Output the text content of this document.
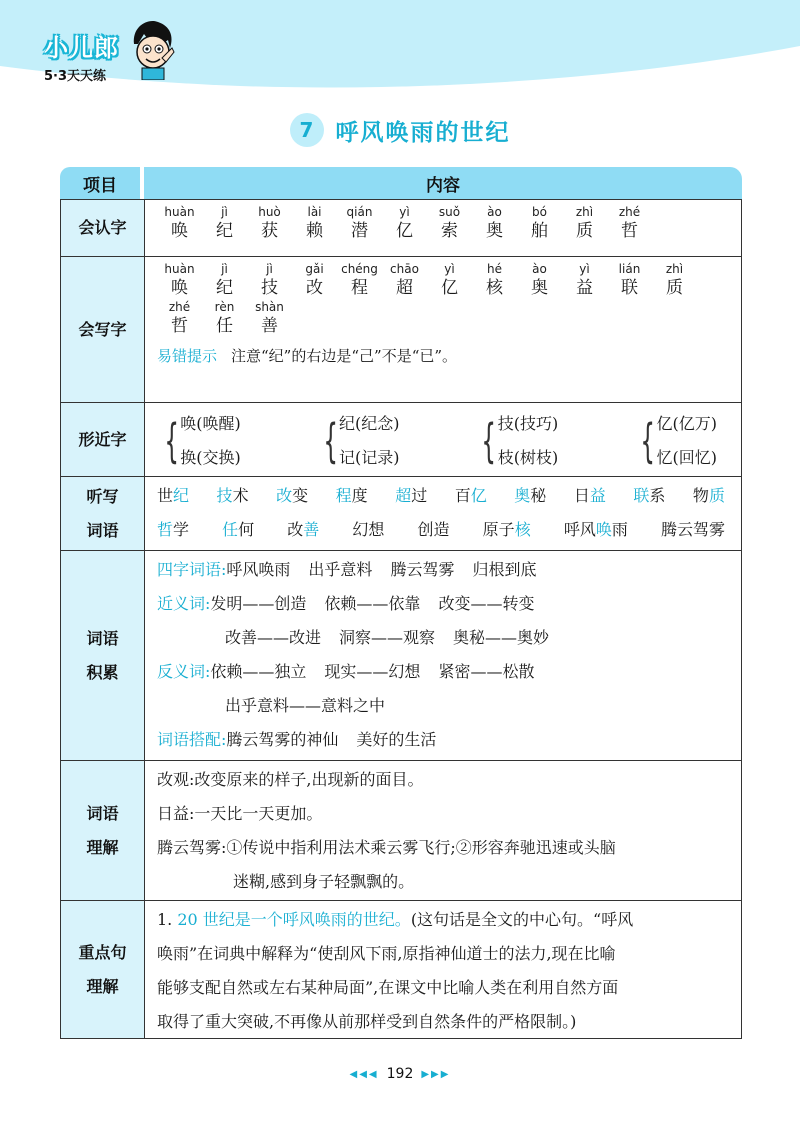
小儿郎
5·3天天练
7 呼风唤雨的世纪
项目	内容
会认字
huàn
唤
jì
纪
huò
获
lài
赖
qián
潜
yì
亿
suǒ
索
ào
奥
bó
舶
zhì
质
zhé
哲
会写字
huàn
唤
jì
纪
jì
技
gǎi
改
chéng
程
chāo
超
yì
亿
hé
核
ào
奥
yì
益
lián
联
zhì
质
zhé
哲
rèn
任
shàn
善
易错提示 注意“纪”的右边是“己”不是“已”。
形近字 { 唤(唤醒)
换(交换) { 纪(纪念)
记(记录) { 技(技巧)
枝(树枝) { 亿(亿万)
忆(回忆)
听写
词语
世纪 技术 改变 程度 超过 百亿 奥秘 日益 联系 物质
哲学 任何 改善 幻想 创造 原子核 呼风唤雨 腾云驾雾
词语
积累
四字词语:呼风唤雨 出乎意料 腾云驾雾 归根到底
近义词:发明——创造 依赖——依靠 改变——转变
改善——改进 洞察——观察 奥秘——奥妙
反义词:依赖——独立 现实——幻想 紧密——松散
出乎意料——意料之中
词语搭配:腾云驾雾的神仙 美好的生活
词语
理解
改观:改变原来的样子,出现新的面目。
日益:一天比一天更加。
腾云驾雾:①传说中指利用法术乘云雾飞行;②形容奔驰迅速或头脑
迷糊,感到身子轻飘飘的。
重点句
理解
1. 20 世纪是一个呼风唤雨的世纪。(这句话是全文的中心句。“呼风
唤雨”在词典中解释为“使刮风下雨,原指神仙道士的法力,现在比喻
能够支配自然或左右某种局面”,在课文中比喻人类在利用自然方面
取得了重大突破,不再像从前那样受到自然条件的严格限制。)
◀◀◀ 192 ▶▶▶
